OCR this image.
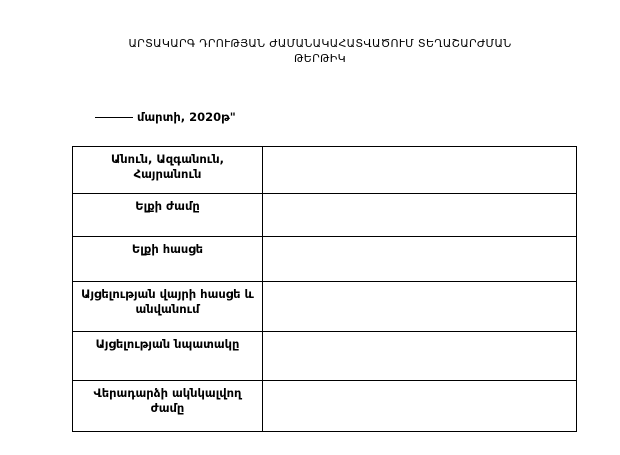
ԱՐՏԱԿԱՐԳ ԴՐՈՒԹՅԱՆ ԺԱՄԱՆԱԿԱՀԱՏՎԱԾՈՒՄ ՏԵՂԱՇԱՐԺՄԱՆ
ԹԵՐԹԻԿ
մարտի, 2020թ"
Անուն, Ազգանուն, Հայրանուն	
Ելքի ժամը	
Ելքի հասցե	
Այցելության վայրի հասցե և անվանում	
Այցելության նպատակը	
Վերադարձի ակնկալվող ժամը	
